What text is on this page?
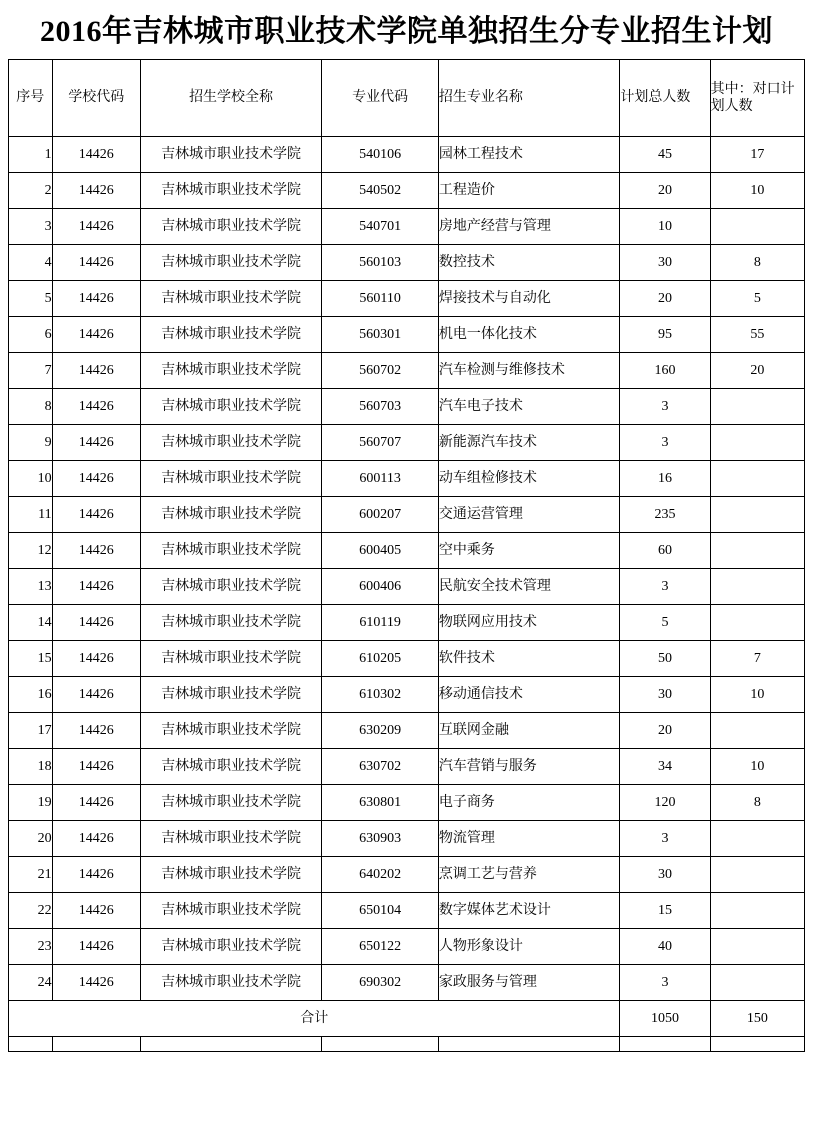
2016年吉林城市职业技术学院单独招生分专业招生计划
序号	学校代码	招生学校全称	专业代码	招生专业名称	计划总人数	其中：对口计划人数
1	14426	吉林城市职业技术学院	540106	园林工程技术	45	17
2	14426	吉林城市职业技术学院	540502	工程造价	20	10
3	14426	吉林城市职业技术学院	540701	房地产经营与管理	10	
4	14426	吉林城市职业技术学院	560103	数控技术	30	8
5	14426	吉林城市职业技术学院	560110	焊接技术与自动化	20	5
6	14426	吉林城市职业技术学院	560301	机电一体化技术	95	55
7	14426	吉林城市职业技术学院	560702	汽车检测与维修技术	160	20
8	14426	吉林城市职业技术学院	560703	汽车电子技术	3	
9	14426	吉林城市职业技术学院	560707	新能源汽车技术	3	
10	14426	吉林城市职业技术学院	600113	动车组检修技术	16	
11	14426	吉林城市职业技术学院	600207	交通运营管理	235	
12	14426	吉林城市职业技术学院	600405	空中乘务	60	
13	14426	吉林城市职业技术学院	600406	民航安全技术管理	3	
14	14426	吉林城市职业技术学院	610119	物联网应用技术	5	
15	14426	吉林城市职业技术学院	610205	软件技术	50	7
16	14426	吉林城市职业技术学院	610302	移动通信技术	30	10
17	14426	吉林城市职业技术学院	630209	互联网金融	20	
18	14426	吉林城市职业技术学院	630702	汽车营销与服务	34	10
19	14426	吉林城市职业技术学院	630801	电子商务	120	8
20	14426	吉林城市职业技术学院	630903	物流管理	3	
21	14426	吉林城市职业技术学院	640202	烹调工艺与营养	30	
22	14426	吉林城市职业技术学院	650104	数字媒体艺术设计	15	
23	14426	吉林城市职业技术学院	650122	人物形象设计	40	
24	14426	吉林城市职业技术学院	690302	家政服务与管理	3	
合计					1050	150
